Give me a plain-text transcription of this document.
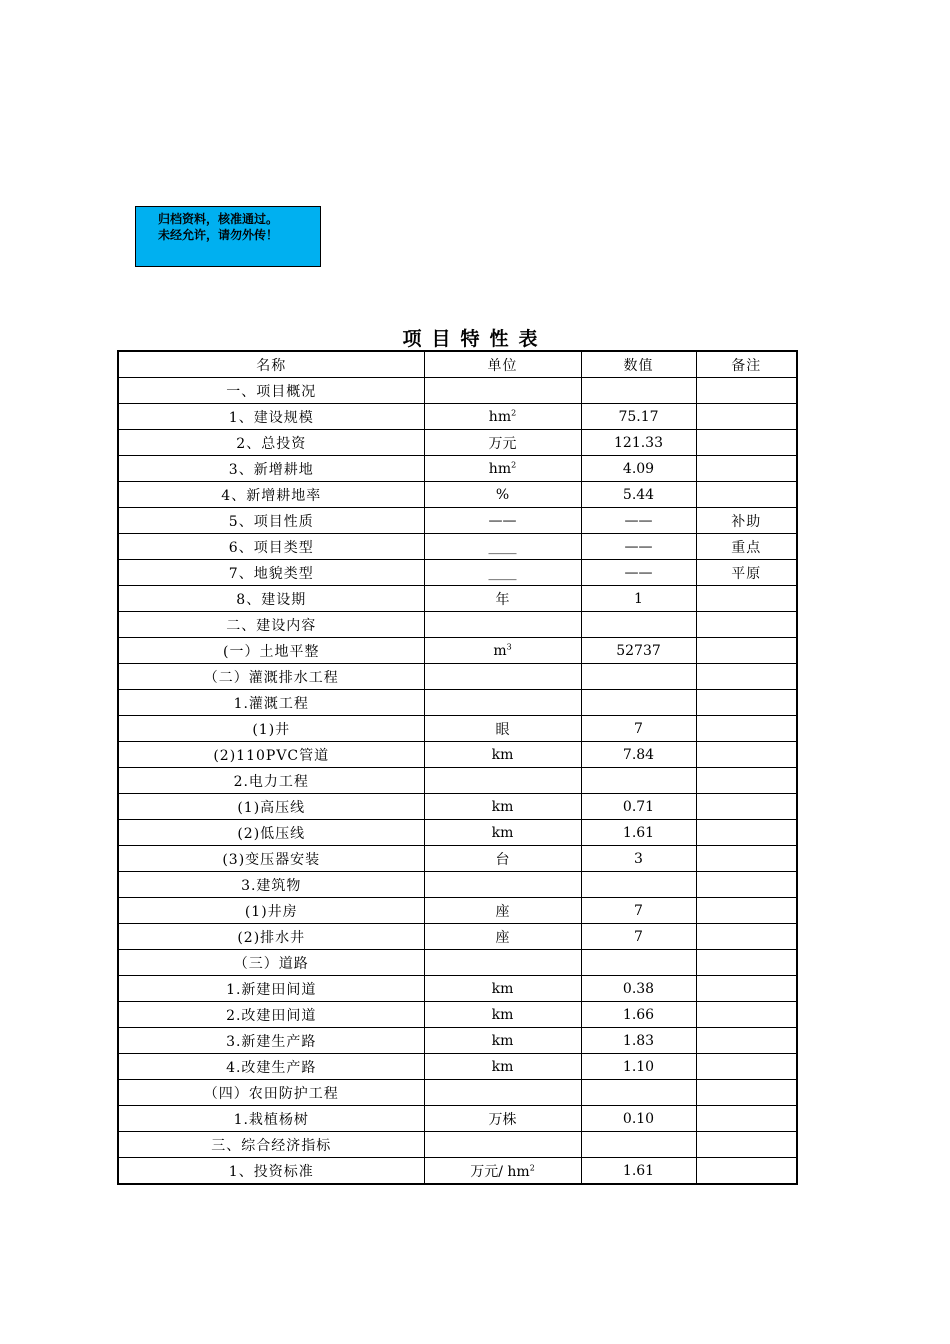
归档资料，核准通过。
未经允许，请勿外传！
项目特性表
名称	单位	数值	备注
一、项目概况			
1、建设规模	$hm^2$	75.17	
2、总投资	万元	121.33	
3、新增耕地	$hm^2$	4.09	
4、新增耕地率	%	5.44	
5、项目性质	——	——	补助
6、项目类型	____	——	重点
7、地貌类型	____	——	平原
8、建设期	年	1	
二、建设内容			
(一）土地平整	$m^3$	52737	
（二）灌溉排水工程			
1.灌溉工程			
(1)井	眼	7	
(2)110PVC管道	km	7.84	
2.电力工程			
(1)高压线	km	0.71	
(2)低压线	km	1.61	
(3)变压器安装	台	3	
3.建筑物			
(1)井房	座	7	
(2)排水井	座	7	
（三）道路			
1.新建田间道	km	0.38	
2.改建田间道	km	1.66	
3.新建生产路	km	1.83	
4.改建生产路	km	1.10	
（四）农田防护工程			
1.栽植杨树	万株	0.10	
三、综合经济指标			
1、投资标准	万元/ $hm^2$	1.61	
